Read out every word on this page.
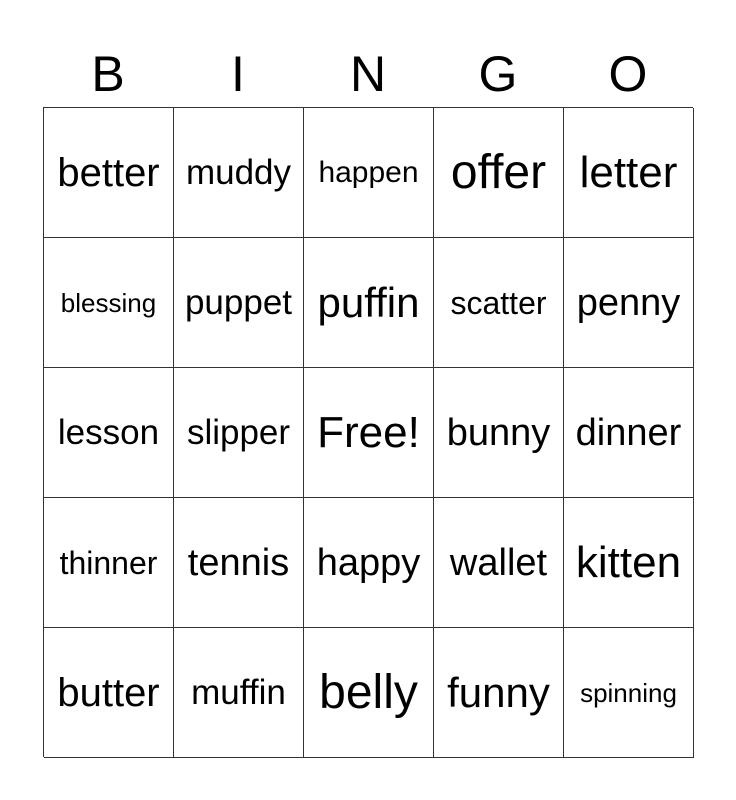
B	I	N	G	O
better muddy happen offer letter
blessing puppet puffin scatter penny
lesson slipper Free! bunny dinner
thinner tennis happy wallet kitten
butter muffin belly funny	spinning
